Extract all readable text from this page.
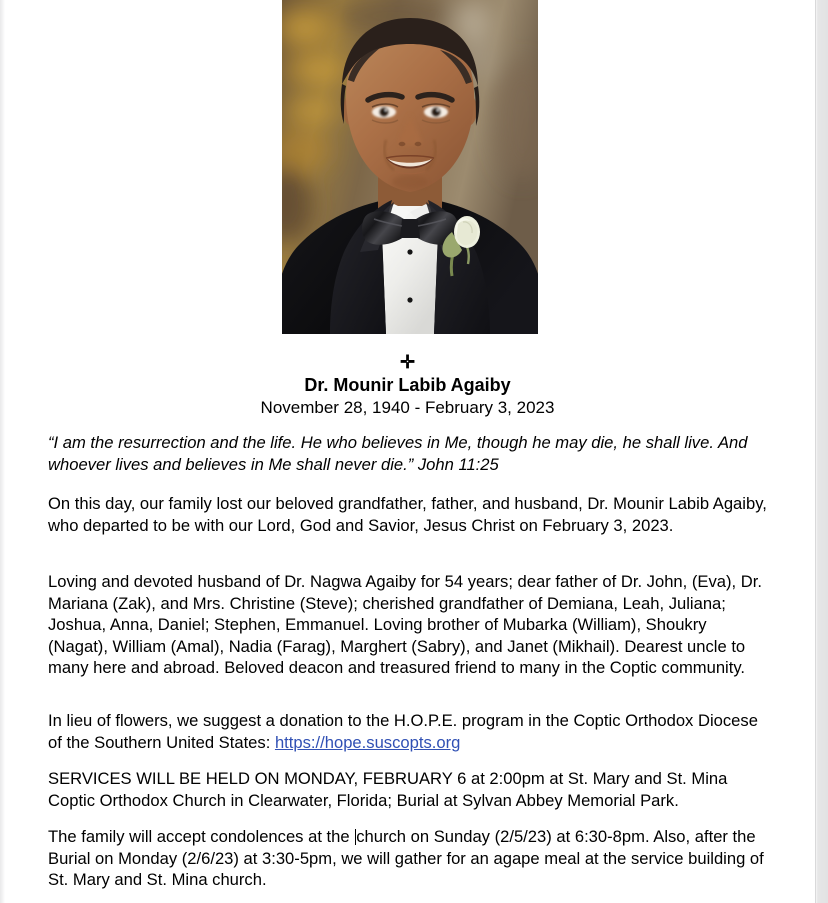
✛
Dr. Mounir Labib Agaiby
November 28, 1940 - February 3, 2023
“I am the resurrection and the life. He who believes in Me, though he may die, he shall live. And whoever lives and believes in Me shall never die.” John 11:25
On this day, our family lost our beloved grandfather, father, and husband, Dr. Mounir Labib Agaiby, who departed to be with our Lord, God and Savior, Jesus Christ on February 3, 2023.
Loving and devoted husband of Dr. Nagwa Agaiby for 54 years; dear father of Dr. John, (Eva), Dr. Mariana (Zak), and Mrs. Christine (Steve); cherished grandfather of Demiana, Leah, Juliana; Joshua, Anna, Daniel; Stephen, Emmanuel. Loving brother of Mubarka (William), Shoukry (Nagat), William (Amal), Nadia (Farag), Marghert (Sabry), and Janet (Mikhail). Dearest uncle to many here and abroad. Beloved deacon and treasured friend to many in the Coptic community.
In lieu of flowers, we suggest a donation to the H.O.P.E. program in the Coptic Orthodox Diocese of the Southern United States: https://hope.suscopts.org
SERVICES WILL BE HELD ON MONDAY, FEBRUARY 6 at 2:00pm at St. Mary and St. Mina Coptic Orthodox Church in Clearwater, Florida; Burial at Sylvan Abbey Memorial Park.
The family will accept condolences at the church on Sunday (2/5/23) at 6:30-8pm. Also, after the Burial on Monday (2/6/23) at 3:30-5pm, we will gather for an agape meal at the service building of St. Mary and St. Mina church.
